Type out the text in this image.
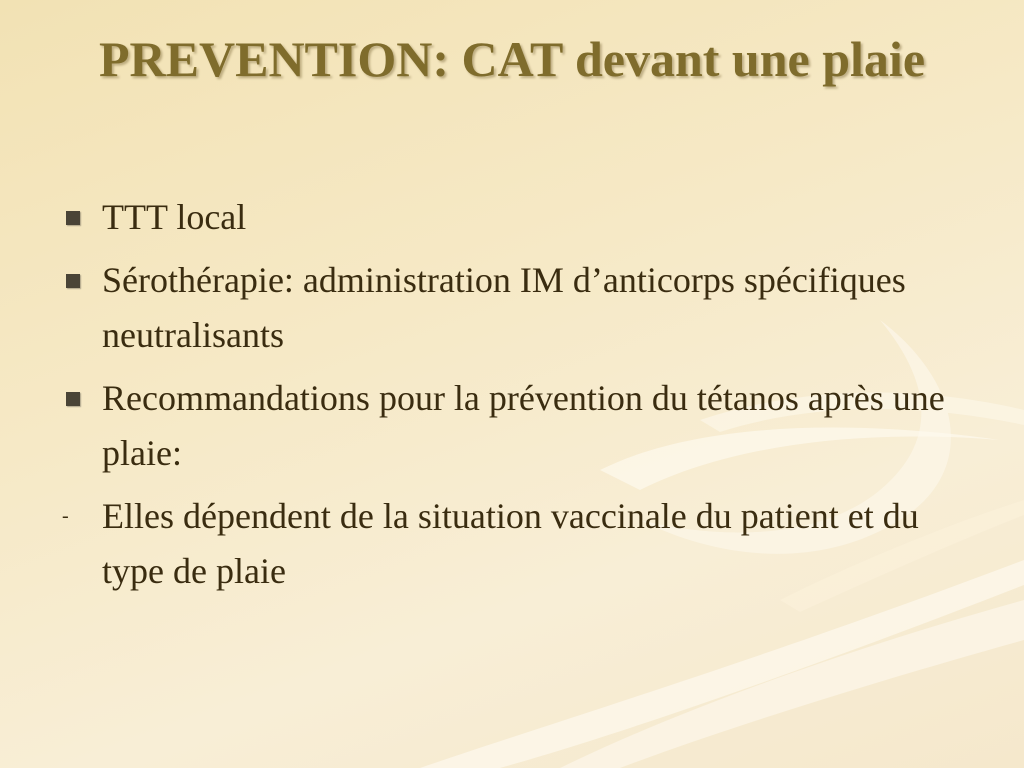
PREVENTION: CAT devant une plaie
TTT local
Sérothérapie: administration IM d’anticorps spécifiques neutralisants
Recommandations pour la prévention du tétanos après une plaie:
- Elles dépendent de la situation vaccinale du patient et du type de plaie
